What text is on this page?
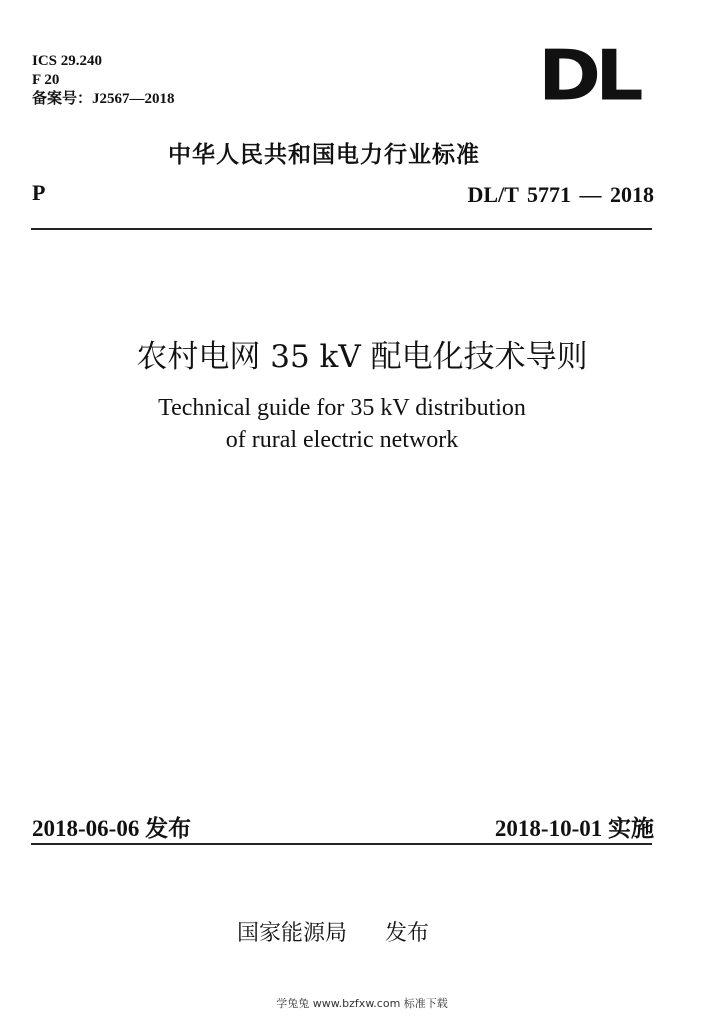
ICS 29.240
F 20
备案号：J2567—2018	DL
中华人民共和国电力行业标准
P	DL/T 5771 — 2018
农村电网 35 kV 配电化技术导则
Technical guide for 35 kV distribution
of rural electric network
2018-06-06 发布	2018-10-01 实施
国家能源局 发布
学兔兔 www.bzfxw.com 标准下载
